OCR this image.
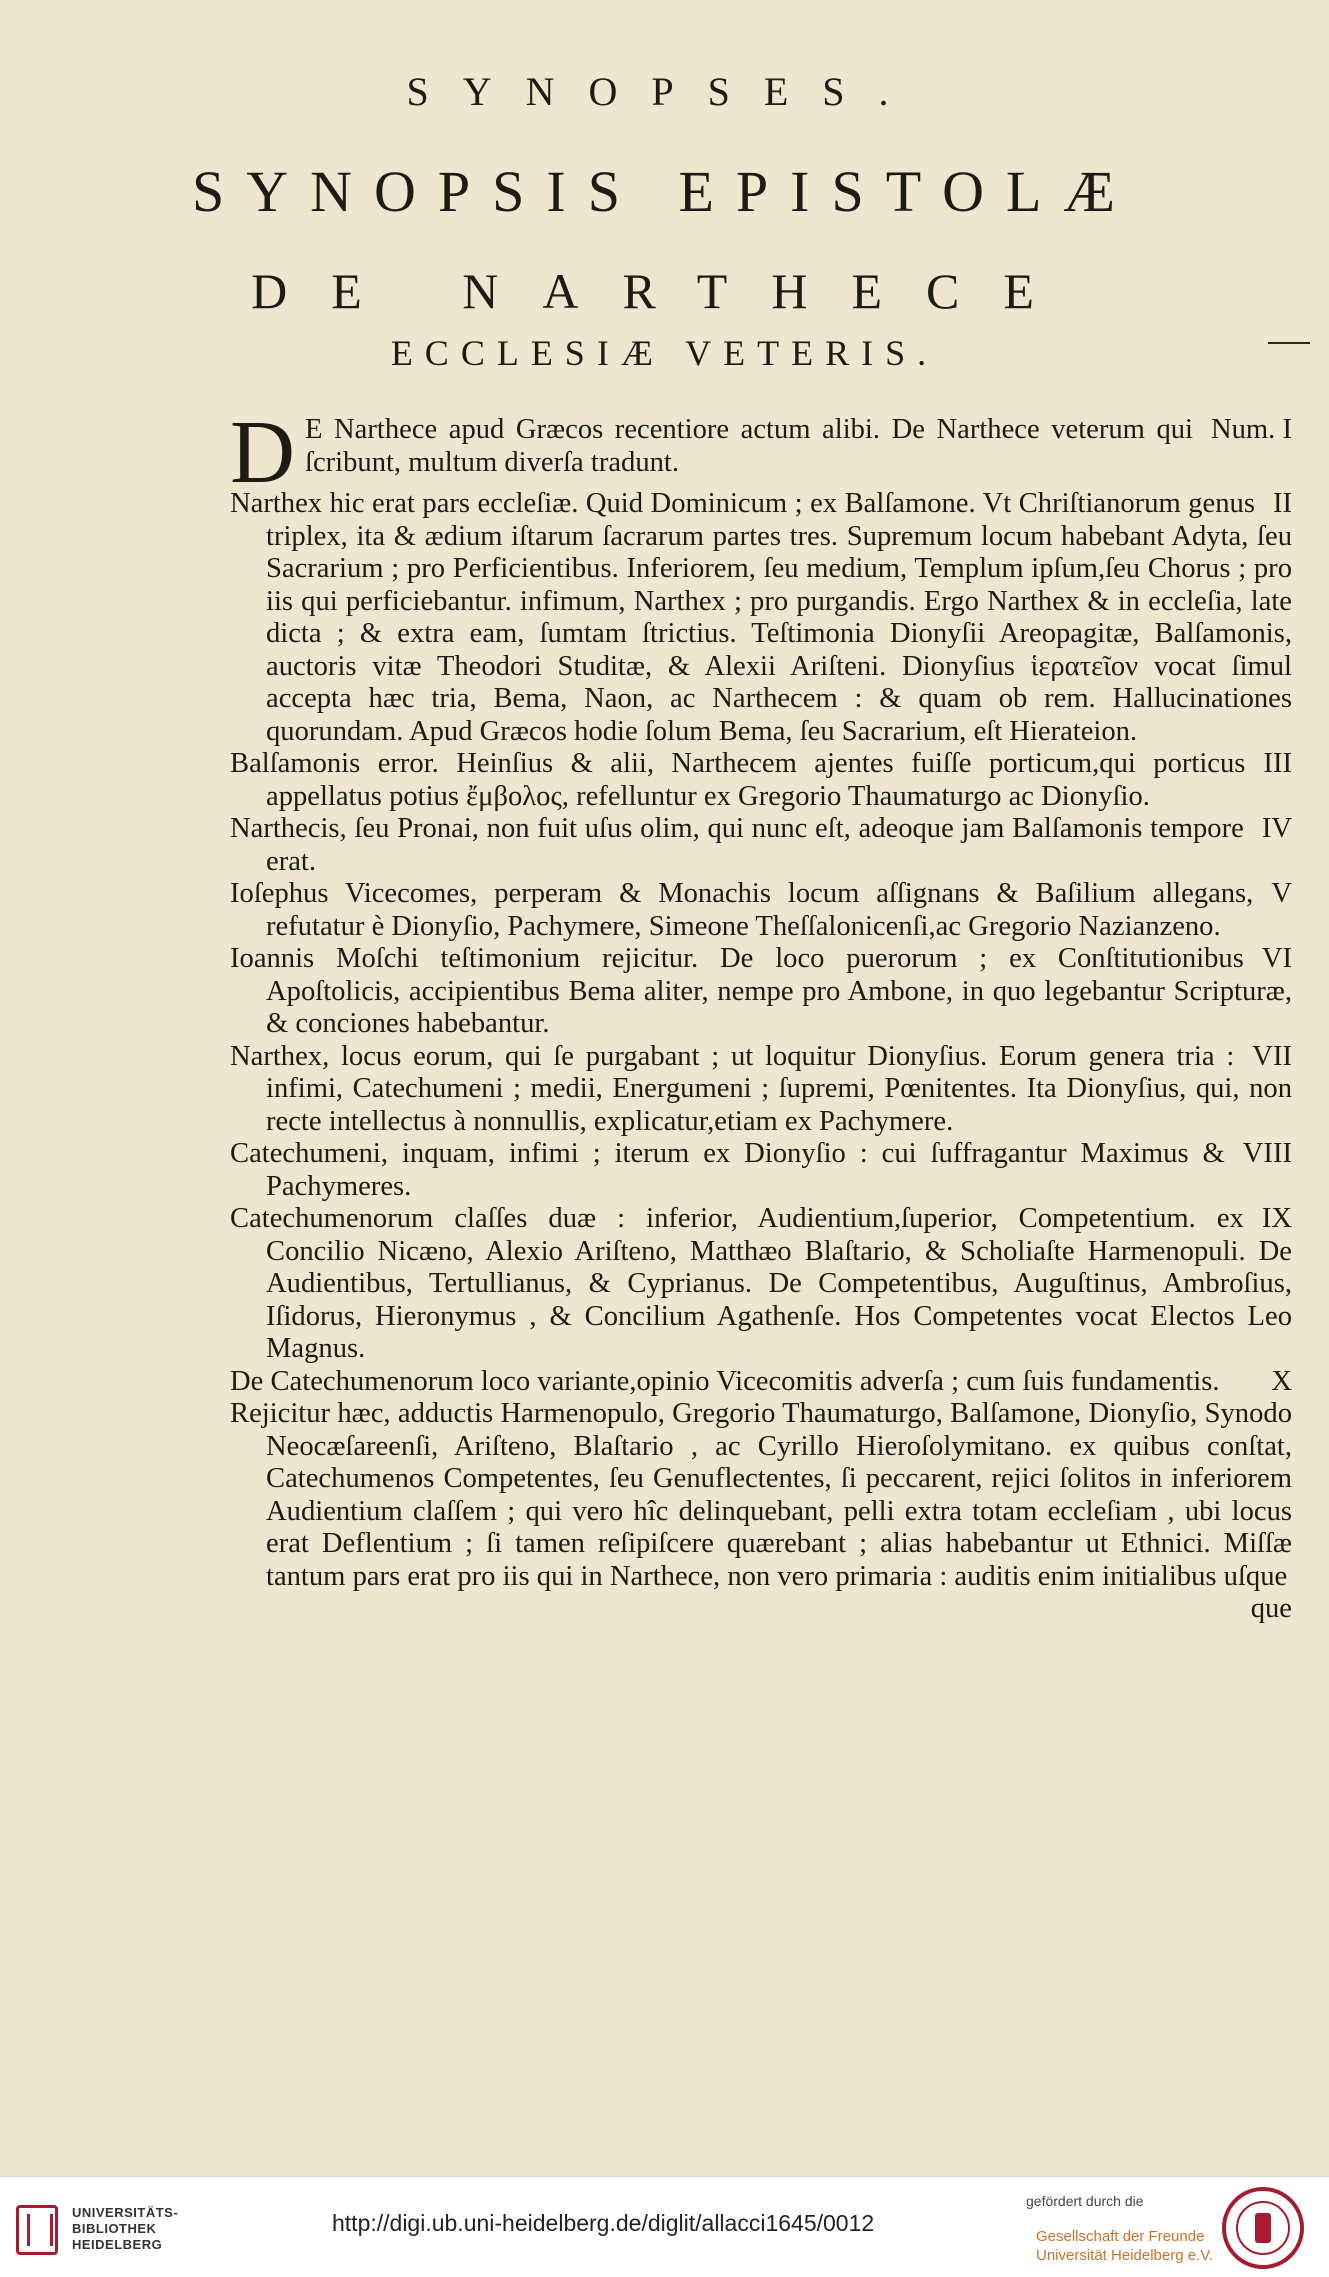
SYNOPSES.
SYNOPSIS EPISTOLÆ
DE NARTHECE
ECCLESIÆ VETERIS.
D	Num. I
E Narthece apud Græcos recentiore actum alibi. De Narthece veterum qui ſcribunt, multum diverſa tradunt.
II
Narthex hic erat pars eccleſiæ. Quid Dominicum ; ex Balſamone. Vt Chriſtianorum genus triplex, ita & ædium iſtarum ſacrarum partes tres. Supremum locum habebant Adyta, ſeu Sacrarium ; pro Perficientibus. Inferiorem, ſeu medium, Templum ipſum,ſeu Chorus ; pro iis qui perficiebantur. infimum, Narthex ; pro purgandis. Ergo Narthex & in eccleſia, late dicta ; & extra eam, ſumtam ſtrictius. Teſtimonia Dionyſii Areopagitæ, Balſamonis, auctoris vitæ Theodori Studitæ, & Alexii Ariſteni. Dionyſius ἱερατεῖον vocat ſimul accepta hæc tria, Bema, Naon, ac Narthecem : & quam ob rem. Hallucinationes quorundam. Apud Græcos hodie ſolum Bema, ſeu Sacrarium, eſt Hierateion.
III
Balſamonis error. Heinſius & alii, Narthecem ajentes fuiſſe porticum,qui porticus appellatus potius ἔμβολος, refelluntur ex Gregorio Thaumaturgo ac Dionyſio.
IV
Narthecis, ſeu Pronai, non fuit uſus olim, qui nunc eſt, adeoque jam Balſamonis tempore erat.
V
Ioſephus Vicecomes, perperam & Monachis locum aſſignans & Baſilium allegans, refutatur è Dionyſio, Pachymere, Simeone Theſſalonicenſi,ac Gregorio Nazianzeno.
VI
Ioannis Moſchi teſtimonium rejicitur. De loco puerorum ; ex Conſtitutionibus Apoſtolicis, accipientibus Bema aliter, nempe pro Ambone, in quo legebantur Scripturæ, & conciones habebantur.
VII
Narthex, locus eorum, qui ſe purgabant ; ut loquitur Dionyſius. Eorum genera tria : infimi, Catechumeni ; medii, Energumeni ; ſupremi, Pœnitentes. Ita Dionyſius, qui, non recte intellectus à nonnullis, explicatur,etiam ex Pachymere.
VIII
Catechumeni, inquam, infimi ; iterum ex Dionyſio : cui ſuffragantur Maximus & Pachymeres.
IX
Catechumenorum claſſes duæ : inferior, Audientium,ſuperior, Competentium. ex Concilio Nicæno, Alexio Ariſteno, Matthæo Blaſtario, & Scholiaſte Harmenopuli. De Audientibus, Tertullianus, & Cyprianus. De Competentibus, Auguſtinus, Ambroſius, Iſidorus, Hieronymus , & Concilium Agathenſe. Hos Competentes vocat Electos Leo Magnus.
X
De Catechumenorum loco variante,opinio Vicecomitis adverſa ; cum ſuis fundamentis.
Rejicitur hæc, adductis Harmenopulo, Gregorio Thaumaturgo, Balſamone, Dionyſio, Synodo Neocæſareenſi, Ariſteno, Blaſtario , ac Cyrillo Hieroſolymitano. ex quibus conſtat, Catechumenos Competentes, ſeu Genuflectentes, ſi peccarent, rejici ſolitos in inferiorem Audientium claſſem ; qui vero hîc delinquebant, pelli extra totam eccleſiam , ubi locus erat Deflentium ; ſi tamen reſipiſcere quærebant ; alias habebantur ut Ethnici. Miſſæ tantum pars erat pro iis qui in Narthece, non vero primaria : auditis enim initialibus uſque
que
UNIVERSITÄTS-
BIBLIOTHEK
HEIDELBERG
gefördert durch die
Gesellschaft der Freunde
Universität Heidelberg e.V.
http://digi.ub.uni-heidelberg.de/diglit/allacci1645/0012
